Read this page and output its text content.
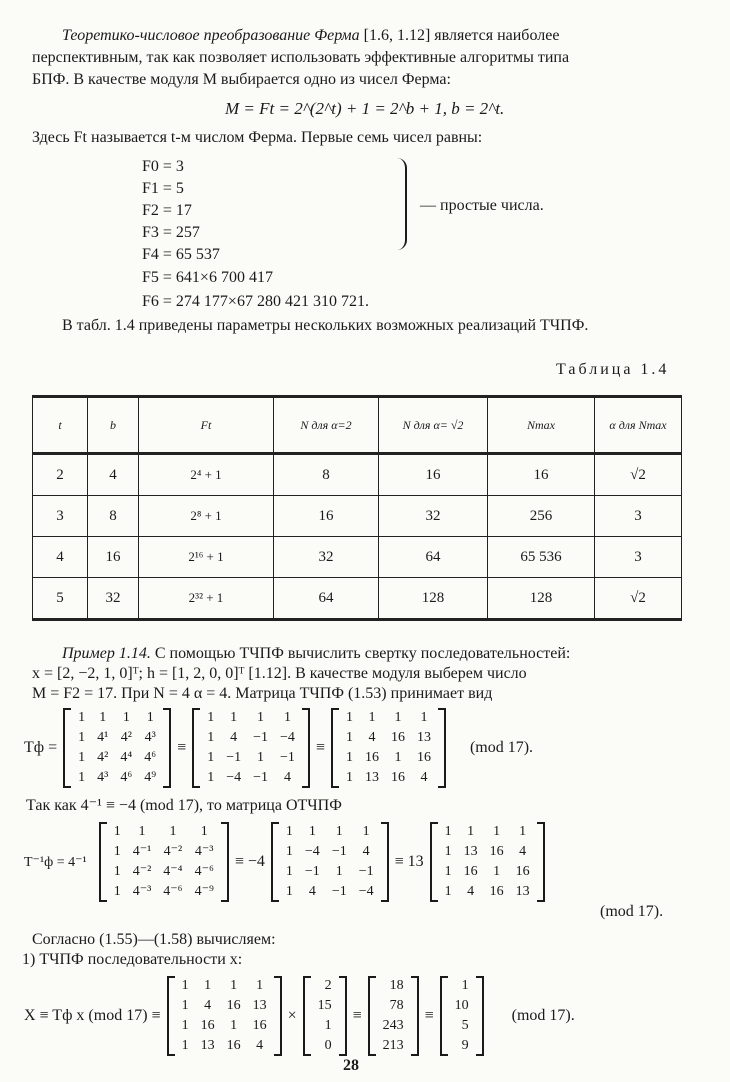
Теоретико-числовое преобразование Ферма [1.6, 1.12] является наиболее
перспективным, так как позволяет использовать эффективные алгоритмы типа
БПФ. В качестве модуля M выбирается одно из чисел Ферма:
M = Ft = 2^(2^t) + 1 = 2^b + 1, b = 2^t.
Здесь Ft называется t-м числом Ферма. Первые семь чисел равны:
F0 = 3
F1 = 5
F2 = 17
F3 = 257
F4 = 65 537
F5 = 641×6 700 417
F6 = 274 177×67 280 421 310 721.
— простые числа.
В табл. 1.4 приведены параметры нескольких возможных реализаций ТЧПФ.
Таблица 1.4
t	b	Ft	N для α=2	N для α= √2	Nmax	α для Nmax
2	4	2⁴ + 1	8	16	16	√2
3	8	2⁸ + 1	16	32	256	3
4	16	2¹⁶ + 1	32	64	65 536	3
5	32	2³² + 1	64	128	128	√2
Пример 1.14. С помощью ТЧПФ вычислить свертку последовательностей:
x = [2, −2, 1, 0]ᵀ; h = [1, 2, 0, 0]ᵀ [1.12]. В качестве модуля выберем число
M = F2 = 17. При N = 4 α = 4. Матрица ТЧПФ (1.53) принимает вид
Tф =
1	1	1	1
1	4¹	4²	4³
1	4²	4⁴	4⁶
1	4³	4⁶	4⁹
≡
1	1	1	1
1	4	−1	−4
1	−1	1	−1
1	−4	−1	4
≡
1	1	1	1
1	4	16	13
1	16	1	16
1	13	16	4
(mod 17).
Так как 4⁻¹ ≡ −4 (mod 17), то матрица ОТЧПФ
T⁻¹ф = 4⁻¹
1	1	1	1
1	4⁻¹	4⁻²	4⁻³
1	4⁻²	4⁻⁴	4⁻⁶
1	4⁻³	4⁻⁶	4⁻⁹
≡ −4
1	1	1	1
1	−4	−1	4
1	−1	1	−1
1	4	−1	−4
≡ 13
1	1	1	1
1	13	16	4
1	16	1	16
1	4	16	13
(mod 17).
Согласно (1.55)—(1.58) вычисляем:
1) ТЧПФ последовательности x:
X ≡ Tф x (mod 17) ≡
1	1	1	1
1	4	16	13
1	16	1	16
1	13	16	4
×
2
15
1
0
≡
18
78
243
213
≡
1
10
5
9
(mod 17).
28
